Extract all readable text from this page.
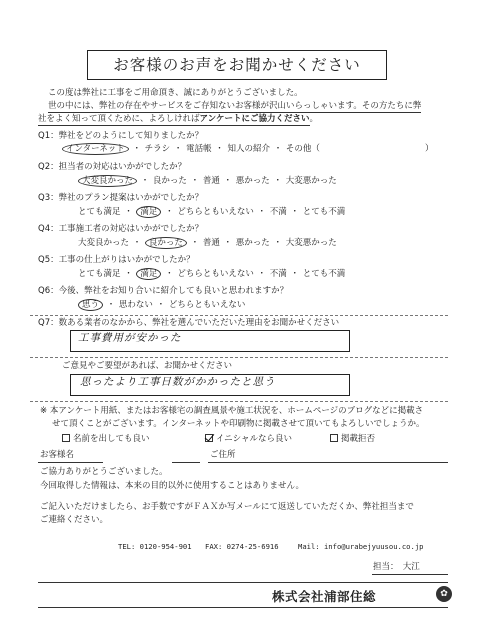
お客様のお声をお聞かせください
この度は弊社に工事をご用命頂き、誠にありがとうございました。
世の中には、弊社の存在やサービスをご存知ないお客様が沢山いらっしゃいます。その方たちに弊
社をよく知って頂くために、よろしければアンケートにご協力ください。
Q1：弊社をどのようにして知りましたか？
インターネット ・ チラシ ・ 電話帳 ・ 知人の紹介 ・ その他（	）
Q2：担当者の対応はいかがでしたか？
大変良かった ・ 良かった ・ 普通 ・ 悪かった ・ 大変悪かった
Q3：弊社のプラン提案はいかがでしたか？
とても満足 ・ 満足 ・ どちらともいえない ・ 不満 ・ とても不満
Q4：工事施工者の対応はいかがでしたか？
大変良かった ・ 良かった ・ 普通 ・ 悪かった ・ 大変悪かった
Q5：工事の仕上がりはいかがでしたか？
とても満足 ・ 満足 ・ どちらともいえない ・ 不満 ・ とても不満
Q6：今後、弊社をお知り合いに紹介しても良いと思われますか？
思う ・ 思わない ・ どちらともいえない
Q7：数ある業者のなかから、弊社を選んでいただいた理由をお聞かせください
工事費用が安かった
ご意見やご要望があれば、お聞かせください
思ったより工事日数がかかったと思う
※ 本アンケート用紙、またはお客様宅の調査風景や施工状況を、ホームページのブログなどに掲載さ
せて頂くことがございます。インターネットや印刷物に掲載させて頂いてもよろしいでしょうか。
名前を出しても良い	イニシャルなら良い	掲載拒否
お客様名	ご住所
ご協力ありがとうございました。
今回取得した情報は、本来の目的以外に使用することはありません。
ご記入いただけましたら、お手数ですがＦＡＸか写メールにて返送していただくか、弊社担当まで
ご連絡ください。
TEL: 0120-954-901 FAX: 0274-25-6916	Mail: info@urabejyuusou.co.jp
担当：　大江
株式会社浦部住総	✿
